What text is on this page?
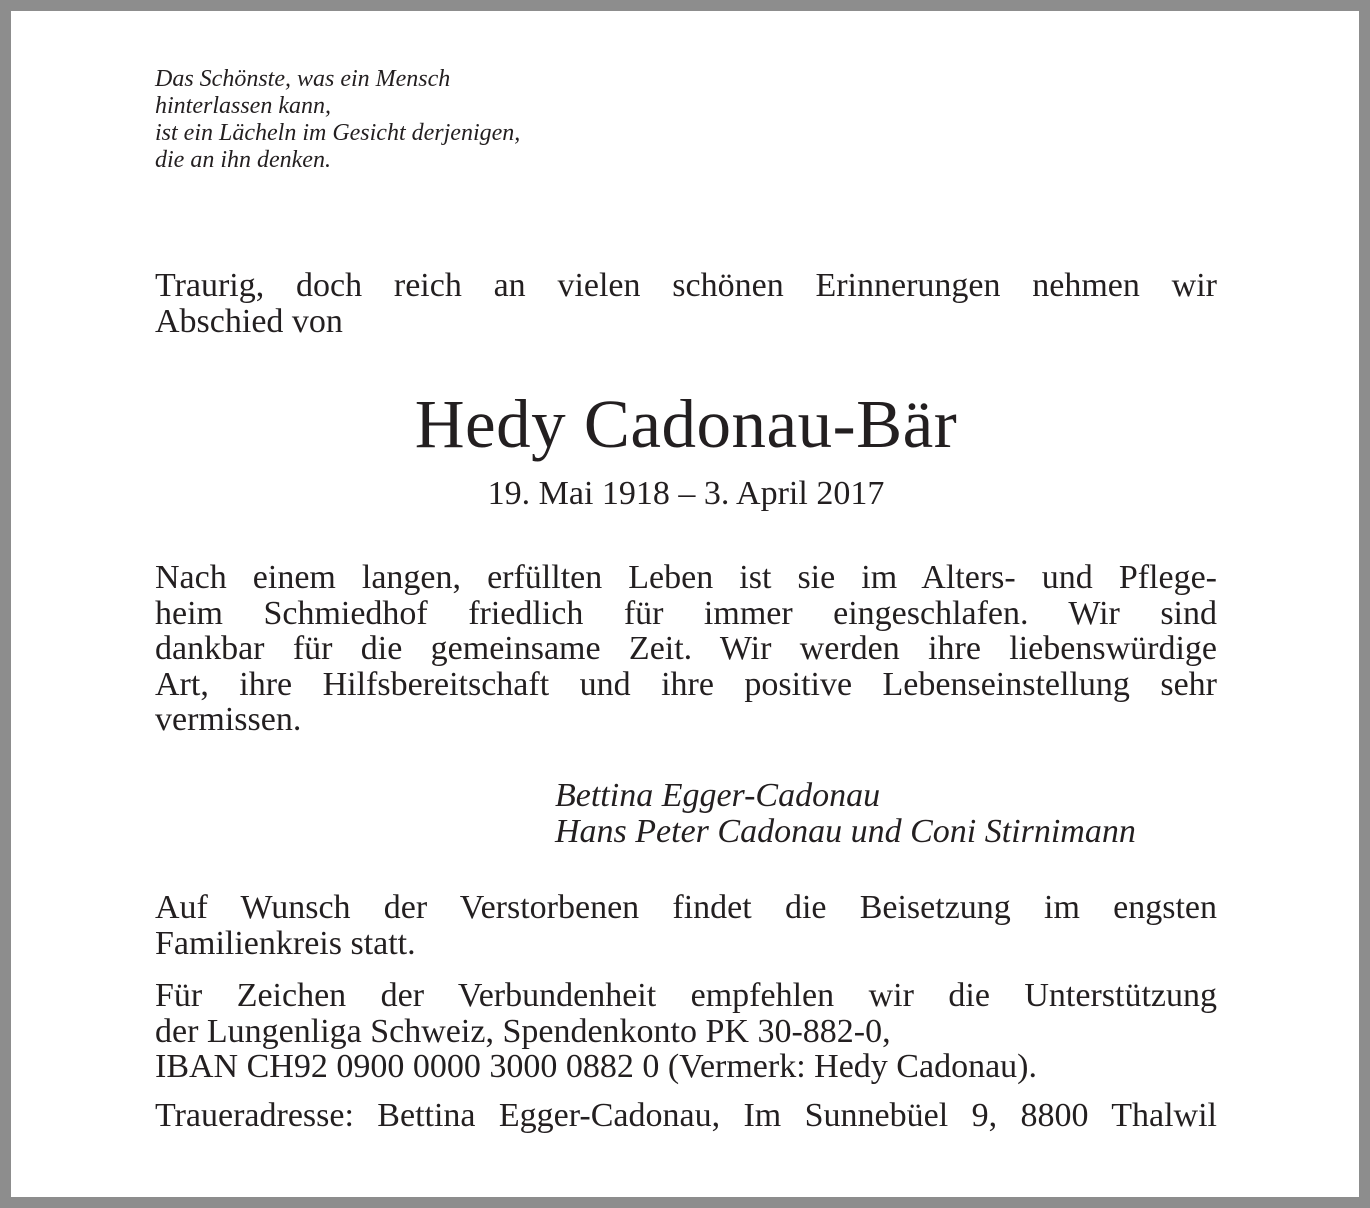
Das Schönste, was ein Mensch
hinterlassen kann,
ist ein Lächeln im Gesicht derjenigen,
die an ihn denken.
Traurig, doch reich an vielen schönen Erinnerungen nehmen wir
Abschied von
Hedy Cadonau-Bär
19. Mai 1918 – 3. April 2017
Nach einem langen, erfüllten Leben ist sie im Alters- und Pflege-
heim Schmiedhof friedlich für immer eingeschlafen. Wir sind
dankbar für die gemeinsame Zeit. Wir werden ihre liebenswürdige
Art, ihre Hilfsbereitschaft und ihre positive Lebenseinstellung sehr
vermissen.
Bettina Egger-Cadonau
Hans Peter Cadonau und Coni Stirnimann
Auf Wunsch der Verstorbenen findet die Beisetzung im engsten
Familienkreis statt.
Für Zeichen der Verbundenheit empfehlen wir die Unterstützung
der Lungenliga Schweiz, Spendenkonto PK 30-882-0,
IBAN CH92 0900 0000 3000 0882 0 (Vermerk: Hedy Cadonau).
Traueradresse: Bettina Egger-Cadonau, Im Sunnebüel 9, 8800 Thalwil
